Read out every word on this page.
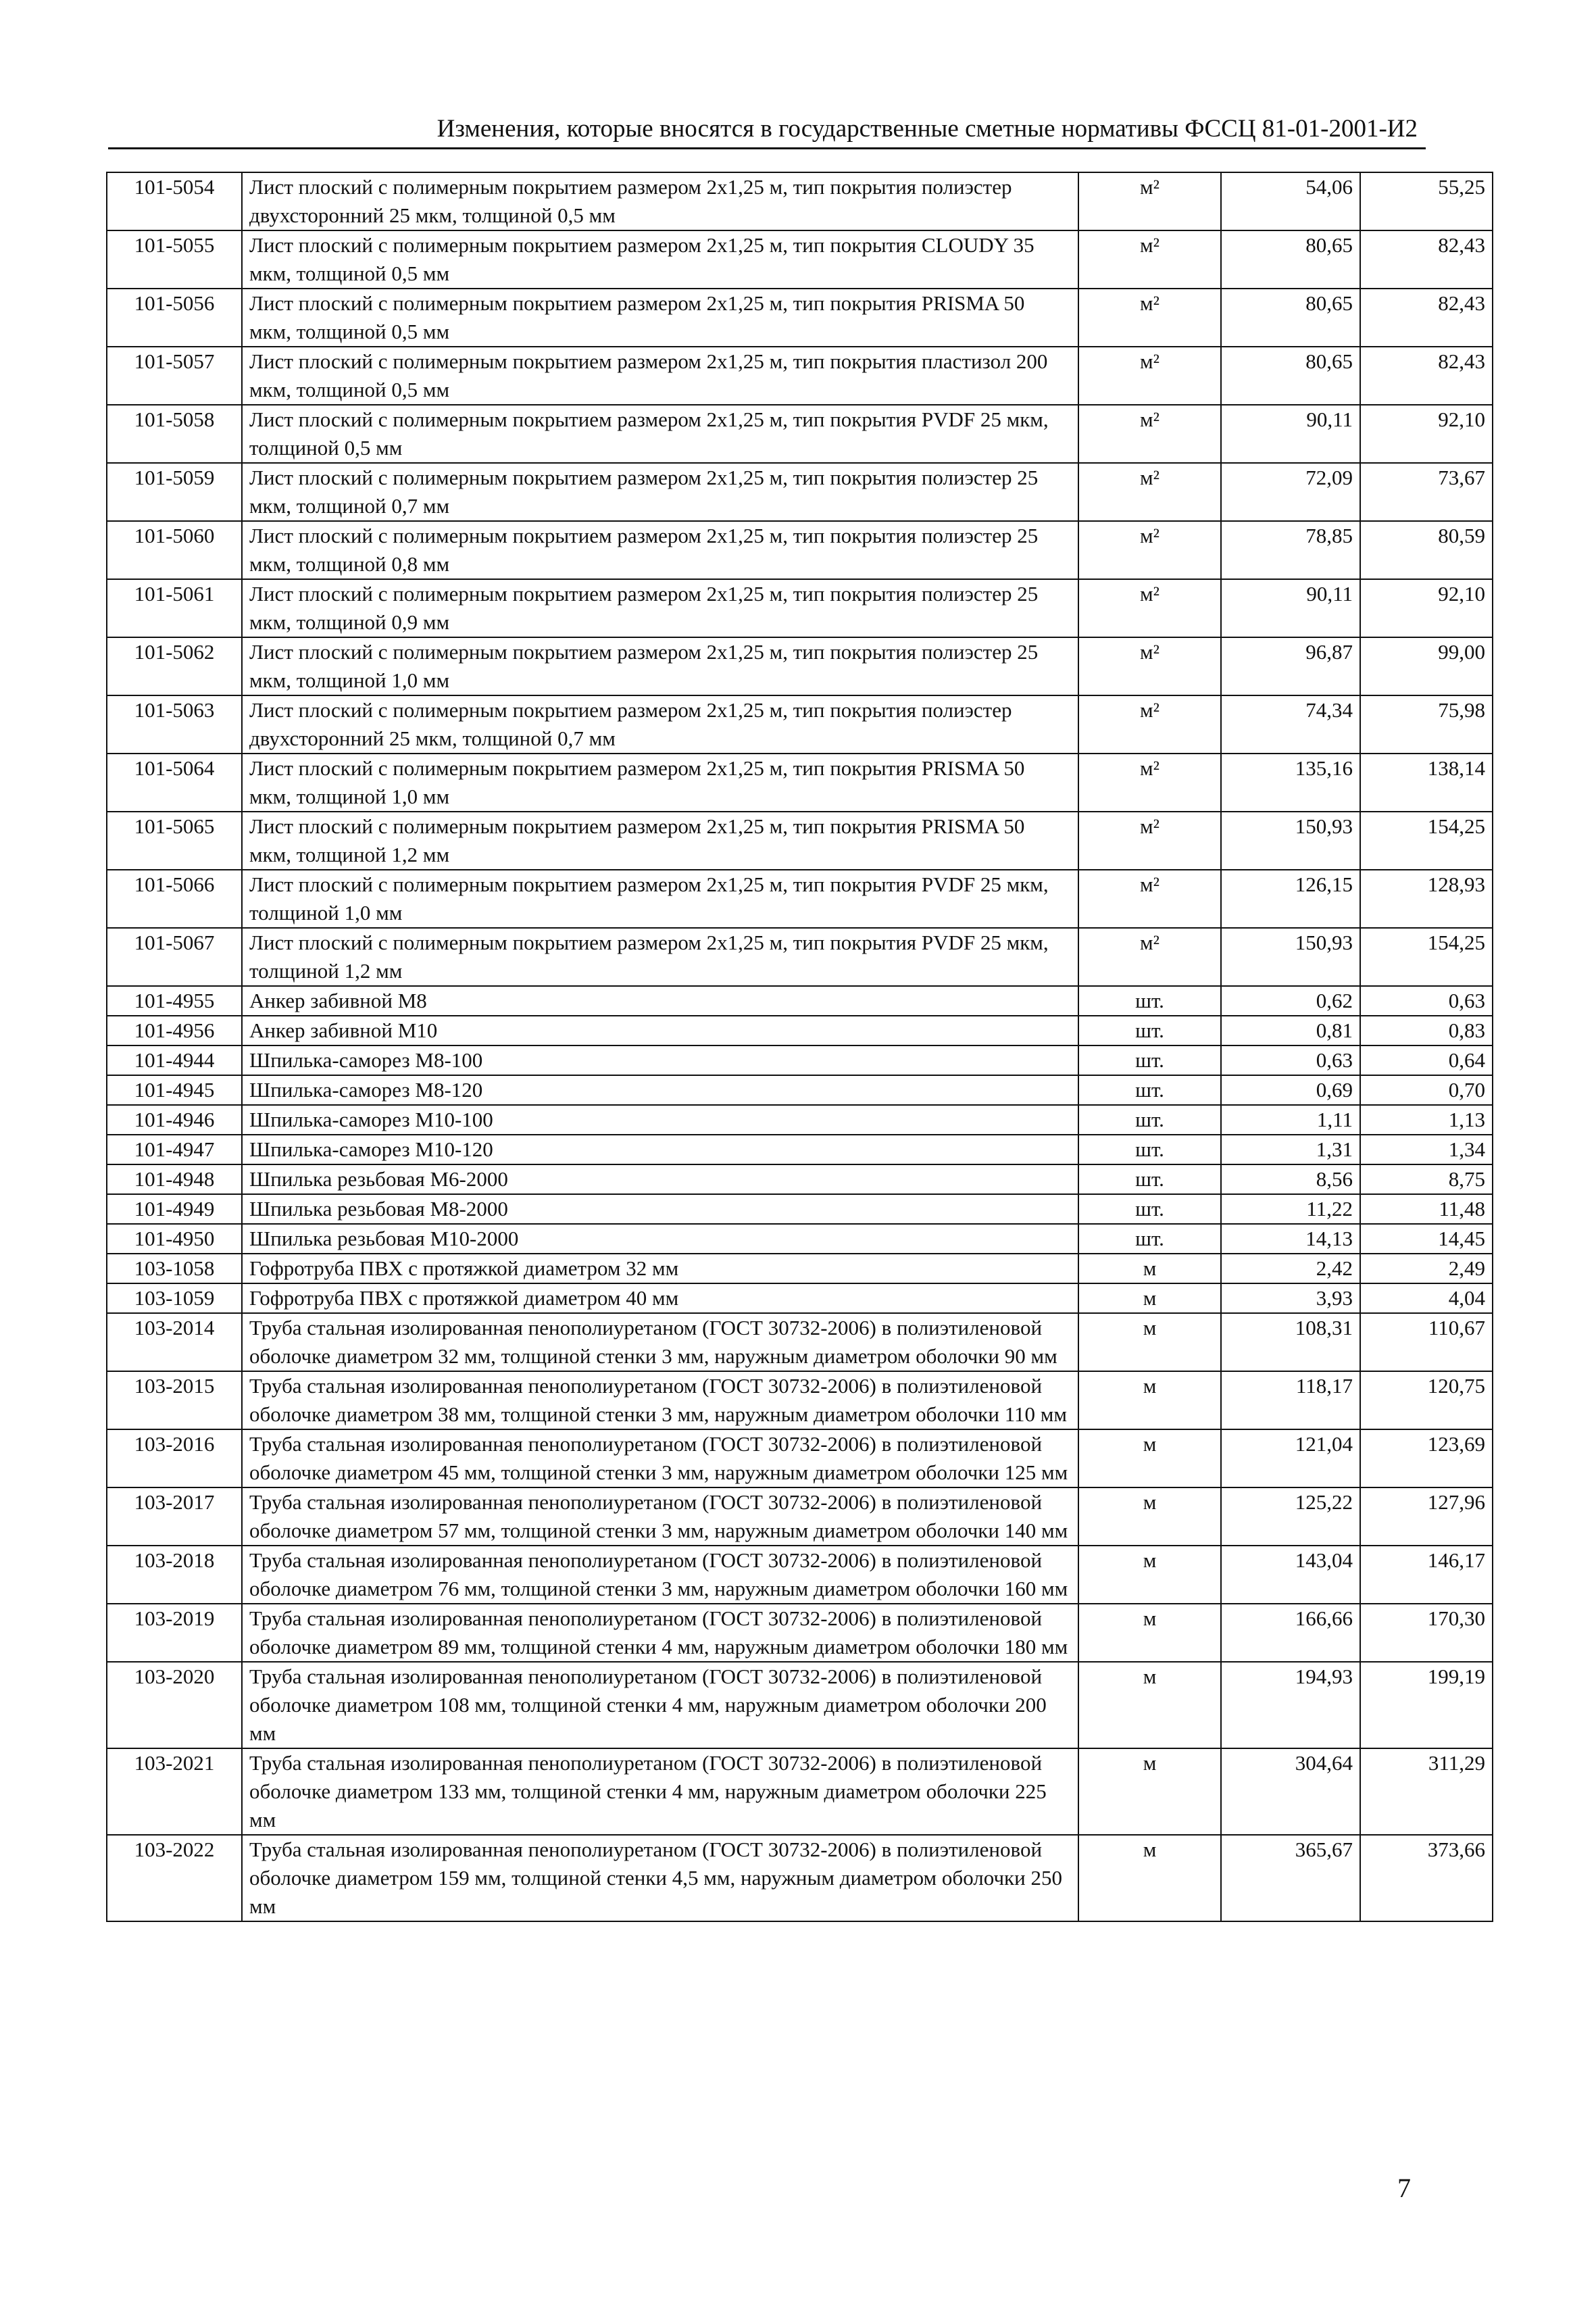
Изменения, которые вносятся в государственные сметные нормативы ФССЦ 81-01-2001-И2
101-5054	Лист плоский с полимерным покрытием размером 2x1,25 м, тип покрытия полиэстер двухсторонний 25 мкм, толщиной 0,5 мм	м²	54,06	55,25
101-5055	Лист плоский с полимерным покрытием размером 2x1,25 м, тип покрытия CLOUDY 35 мкм, толщиной 0,5 мм	м²	80,65	82,43
101-5056	Лист плоский с полимерным покрытием размером 2x1,25 м, тип покрытия PRISMA 50 мкм, толщиной 0,5 мм	м²	80,65	82,43
101-5057	Лист плоский с полимерным покрытием размером 2x1,25 м, тип покрытия пластизол 200 мкм, толщиной 0,5 мм	м²	80,65	82,43
101-5058	Лист плоский с полимерным покрытием размером 2x1,25 м, тип покрытия PVDF 25 мкм, толщиной 0,5 мм	м²	90,11	92,10
101-5059	Лист плоский с полимерным покрытием размером 2x1,25 м, тип покрытия полиэстер 25 мкм, толщиной 0,7 мм	м²	72,09	73,67
101-5060	Лист плоский с полимерным покрытием размером 2x1,25 м, тип покрытия полиэстер 25 мкм, толщиной 0,8 мм	м²	78,85	80,59
101-5061	Лист плоский с полимерным покрытием размером 2x1,25 м, тип покрытия полиэстер 25 мкм, толщиной 0,9 мм	м²	90,11	92,10
101-5062	Лист плоский с полимерным покрытием размером 2x1,25 м, тип покрытия полиэстер 25 мкм, толщиной 1,0 мм	м²	96,87	99,00
101-5063	Лист плоский с полимерным покрытием размером 2x1,25 м, тип покрытия полиэстер двухсторонний 25 мкм, толщиной 0,7 мм	м²	74,34	75,98
101-5064	Лист плоский с полимерным покрытием размером 2x1,25 м, тип покрытия PRISMA 50 мкм, толщиной 1,0 мм	м²	135,16	138,14
101-5065	Лист плоский с полимерным покрытием размером 2x1,25 м, тип покрытия PRISMA 50 мкм, толщиной 1,2 мм	м²	150,93	154,25
101-5066	Лист плоский с полимерным покрытием размером 2x1,25 м, тип покрытия PVDF 25 мкм, толщиной 1,0 мм	м²	126,15	128,93
101-5067	Лист плоский с полимерным покрытием размером 2x1,25 м, тип покрытия PVDF 25 мкм, толщиной 1,2 мм	м²	150,93	154,25
101-4955	Анкер забивной М8	шт.	0,62	0,63
101-4956	Анкер забивной М10	шт.	0,81	0,83
101-4944	Шпилька-саморез М8-100	шт.	0,63	0,64
101-4945	Шпилька-саморез М8-120	шт.	0,69	0,70
101-4946	Шпилька-саморез М10-100	шт.	1,11	1,13
101-4947	Шпилька-саморез М10-120	шт.	1,31	1,34
101-4948	Шпилька резьбовая М6-2000	шт.	8,56	8,75
101-4949	Шпилька резьбовая М8-2000	шт.	11,22	11,48
101-4950	Шпилька резьбовая М10-2000	шт.	14,13	14,45
103-1058	Гофротруба ПВХ с протяжкой диаметром 32 мм	м	2,42	2,49
103-1059	Гофротруба ПВХ с протяжкой диаметром 40 мм	м	3,93	4,04
103-2014	Труба стальная изолированная пенополиуретаном (ГОСТ 30732-2006) в полиэтиленовой оболочке диаметром 32 мм, толщиной стенки 3 мм, наружным диаметром оболочки 90 мм	м	108,31	110,67
103-2015	Труба стальная изолированная пенополиуретаном (ГОСТ 30732-2006) в полиэтиленовой оболочке диаметром 38 мм, толщиной стенки 3 мм, наружным диаметром оболочки 110 мм	м	118,17	120,75
103-2016	Труба стальная изолированная пенополиуретаном (ГОСТ 30732-2006) в полиэтиленовой оболочке диаметром 45 мм, толщиной стенки 3 мм, наружным диаметром оболочки 125 мм	м	121,04	123,69
103-2017	Труба стальная изолированная пенополиуретаном (ГОСТ 30732-2006) в полиэтиленовой оболочке диаметром 57 мм, толщиной стенки 3 мм, наружным диаметром оболочки 140 мм	м	125,22	127,96
103-2018	Труба стальная изолированная пенополиуретаном (ГОСТ 30732-2006) в полиэтиленовой оболочке диаметром 76 мм, толщиной стенки 3 мм, наружным диаметром оболочки 160 мм	м	143,04	146,17
103-2019	Труба стальная изолированная пенополиуретаном (ГОСТ 30732-2006) в полиэтиленовой оболочке диаметром 89 мм, толщиной стенки 4 мм, наружным диаметром оболочки 180 мм	м	166,66	170,30
103-2020	Труба стальная изолированная пенополиуретаном (ГОСТ 30732-2006) в полиэтиленовой оболочке диаметром 108 мм, толщиной стенки 4 мм, наружным диаметром оболочки 200 мм	м	194,93	199,19
103-2021	Труба стальная изолированная пенополиуретаном (ГОСТ 30732-2006) в полиэтиленовой оболочке диаметром 133 мм, толщиной стенки 4 мм, наружным диаметром оболочки 225 мм	м	304,64	311,29
103-2022	Труба стальная изолированная пенополиуретаном (ГОСТ 30732-2006) в полиэтиленовой оболочке диаметром 159 мм, толщиной стенки 4,5 мм, наружным диаметром оболочки 250 мм	м	365,67	373,66
7
